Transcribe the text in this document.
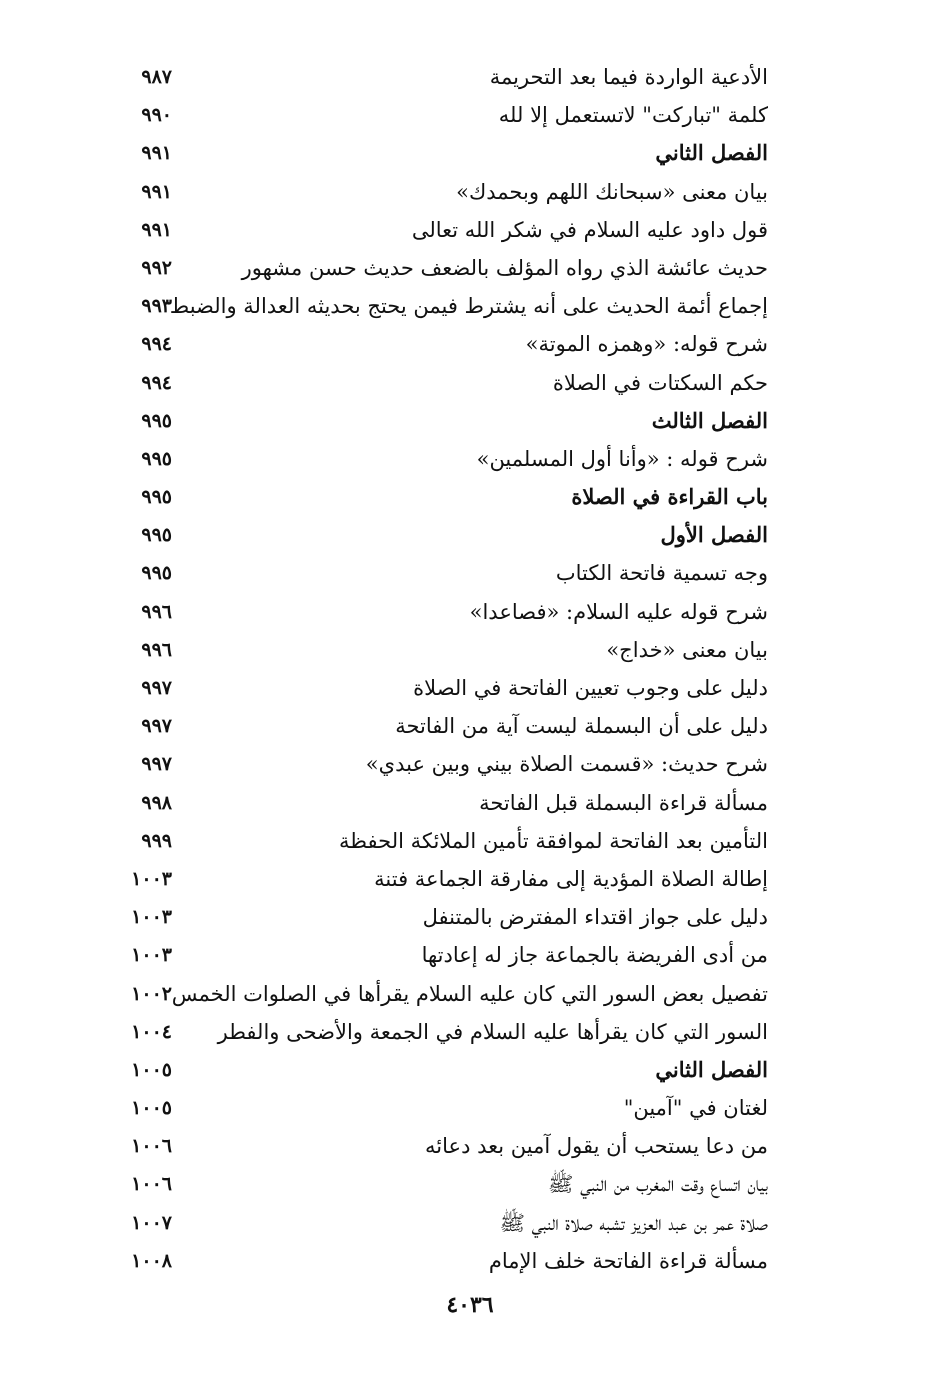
الأدعية الواردة فيما بعد التحريمة
٩٨٧
كلمة "تباركت" لاتستعمل إلا لله
٩٩٠
الفصل الثاني
٩٩١
بيان معنى «سبحانك اللهم وبحمدك»
٩٩١
قول داود عليه السلام في شكر الله تعالى
٩٩١
حديث عائشة الذي رواه المؤلف بالضعف حديث حسن مشهور
٩٩٢
إجماع أئمة الحديث على أنه يشترط فيمن يحتج بحديثه العدالة والضبط
٩٩٣
شرح قوله: «وهمزه الموتة»
٩٩٤
حكم السكتات في الصلاة
٩٩٤
الفصل الثالث
٩٩٥
شرح قوله : «وأنا أول المسلمين»
٩٩٥
باب القراءة في الصلاة
٩٩٥
الفصل الأول
٩٩٥
وجه تسمية فاتحة الكتاب
٩٩٥
شرح قوله عليه السلام: «فصاعدا»
٩٩٦
بيان معنى «خداج»
٩٩٦
دليل على وجوب تعيين الفاتحة في الصلاة
٩٩٧
دليل على أن البسملة ليست آية من الفاتحة
٩٩٧
شرح حديث: «قسمت الصلاة بيني وبين عبدي»
٩٩٧
مسألة قراءة البسملة قبل الفاتحة
٩٩٨
التأمين بعد الفاتحة لموافقة تأمين الملائكة الحفظة
٩٩٩
إطالة الصلاة المؤدية إلى مفارقة الجماعة فتنة
١٠٠٣
دليل على جواز اقتداء المفترض بالمتنفل
١٠٠٣
من أدى الفريضة بالجماعة جاز له إعادتها
١٠٠٣
تفصيل بعض السور التي كان عليه السلام يقرأها في الصلوات الخمس
١٠٠٢
السور التي كان يقرأها عليه السلام في الجمعة والأضحى والفطر
١٠٠٤
الفصل الثاني
١٠٠٥
لغتان في "آمين"
١٠٠٥
من دعا يستحب أن يقول آمين بعد دعائه
١٠٠٦
بيان اتساع وقت المغرب من النبي ﷺ
١٠٠٦
صلاة عمر بن عبد العزيز تشبه صلاة النبي ﷺ
١٠٠٧
مسألة قراءة الفاتحة خلف الإمام
١٠٠٨
٤٠٣٦
